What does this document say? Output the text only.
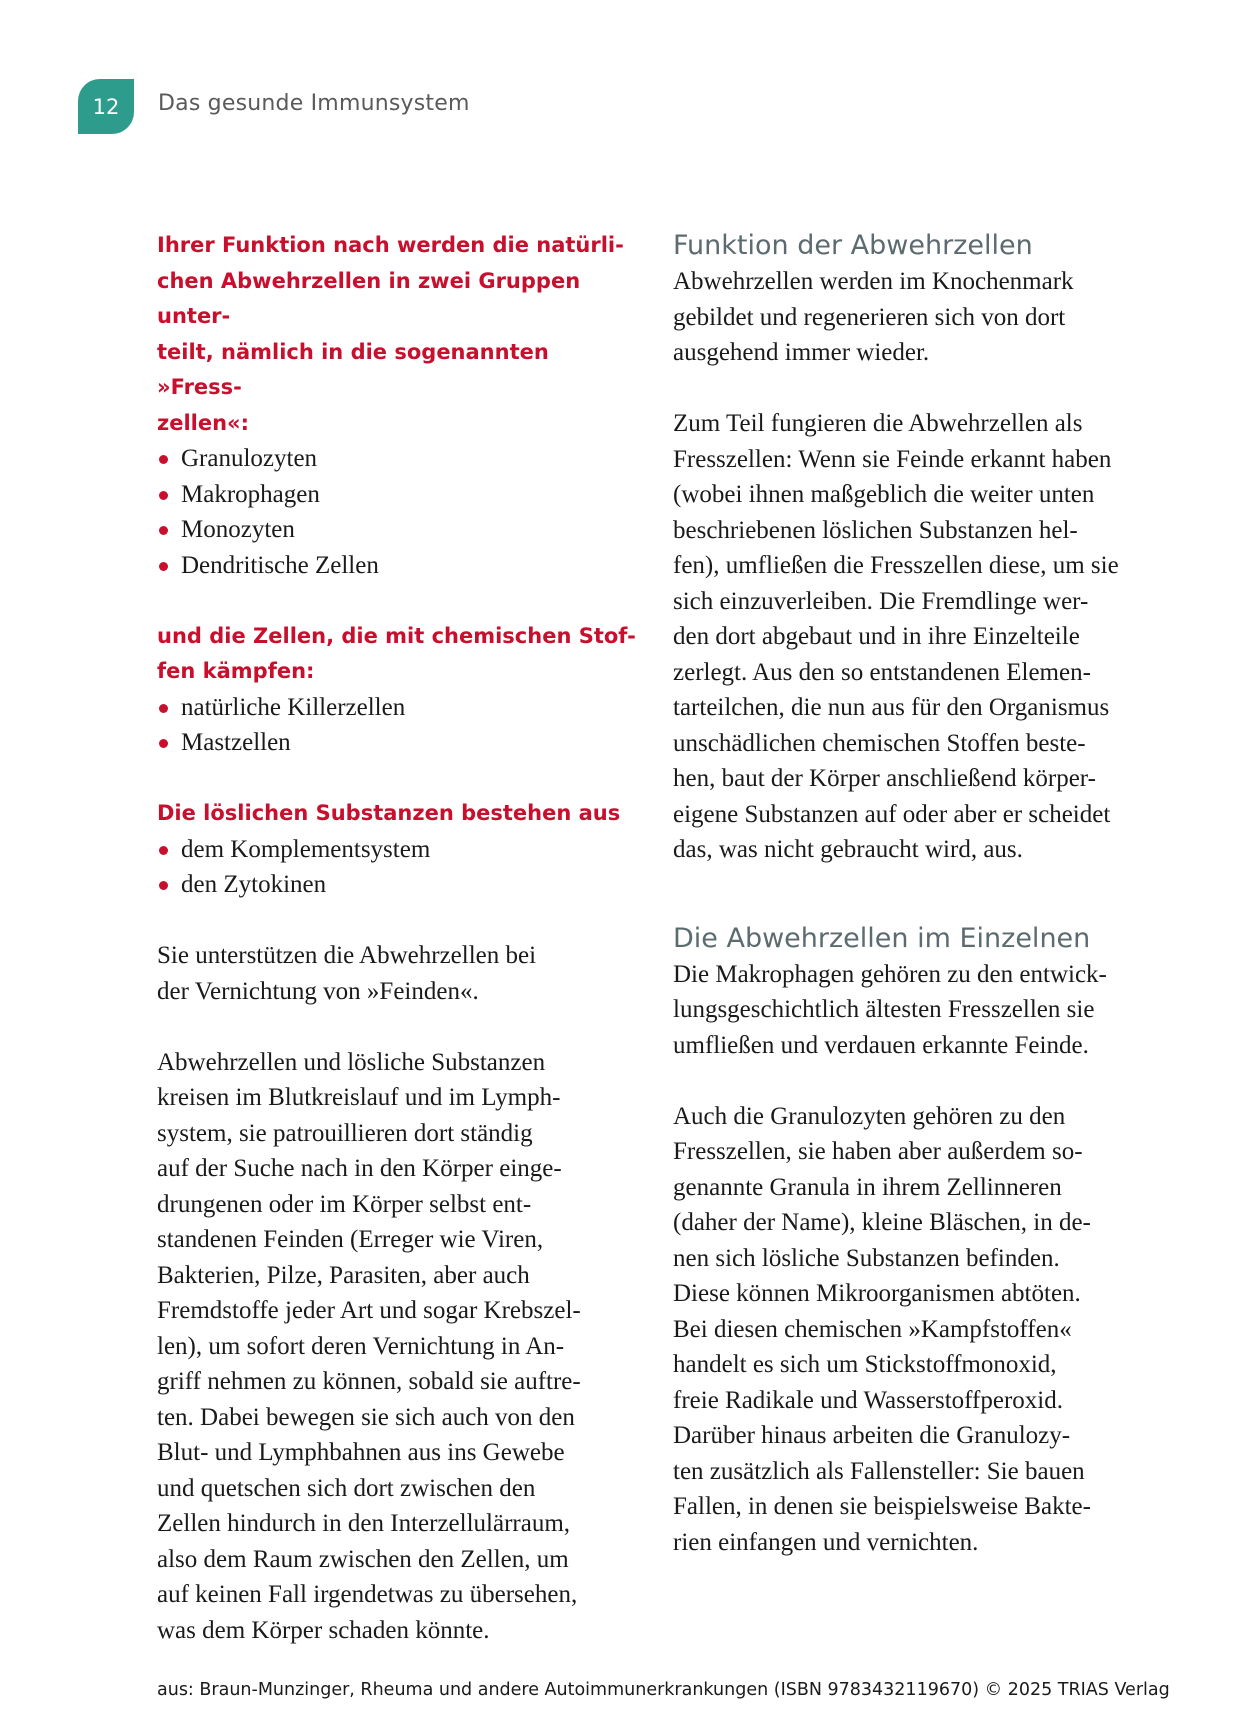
12 Das gesunde Immunsystem

Ihrer Funktion nach werden die natürli-
chen Abwehrzellen in zwei Gruppen unter-
teilt, nämlich in die sogenannten »Fress-
zellen«:

Granulozyten
Makrophagen
Monozyten
Dendritische Zellen

und die Zellen, die mit chemischen Stof-
fen kämpfen:

natürliche Killerzellen
Mastzellen

Die löslichen Substanzen bestehen aus

dem Komplementsystem
den Zytokinen

Sie unterstützen die Abwehrzellen bei
der Vernichtung von »Feinden«.

Abwehrzellen und lösliche Substanzen
kreisen im Blutkreislauf und im Lymph-
system, sie patrouillieren dort ständig
auf der Suche nach in den Körper einge-
drungenen oder im Körper selbst ent-
standenen Feinden (Erreger wie Viren,
Bakterien, Pilze, Parasiten, aber auch
Fremdstoffe jeder Art und sogar Krebszel-
len), um sofort deren Vernichtung in An-
griff nehmen zu können, sobald sie auftre-
ten. Dabei bewegen sie sich auch von den
Blut- und Lymphbahnen aus ins Gewebe
und quetschen sich dort zwischen den
Zellen hindurch in den Interzellulärraum,
also dem Raum zwischen den Zellen, um
auf keinen Fall irgendetwas zu übersehen,
was dem Körper schaden könnte.

Funktion der Abwehrzellen

Abwehrzellen werden im Knochenmark
gebildet und regenerieren sich von dort
ausgehend immer wieder.

Zum Teil fungieren die Abwehrzellen als
Fresszellen: Wenn sie Feinde erkannt haben
(wobei ihnen maßgeblich die weiter unten
beschriebenen löslichen Substanzen hel-
fen), umfließen die Fresszellen diese, um sie
sich einzuverleiben. Die Fremdlinge wer-
den dort abgebaut und in ihre Einzelteile
zerlegt. Aus den so entstandenen Elemen-
tarteilchen, die nun aus für den Organismus
unschädlichen chemischen Stoffen beste-
hen, baut der Körper anschließend körper-
eigene Substanzen auf oder aber er scheidet
das, was nicht gebraucht wird, aus.

Die Abwehrzellen im Einzelnen

Die Makrophagen gehören zu den entwick-
lungsgeschichtlich ältesten Fresszellen sie
umfließen und verdauen erkannte Feinde.

Auch die Granulozyten gehören zu den
Fresszellen, sie haben aber außerdem so-
genannte Granula in ihrem Zellinneren
(daher der Name), kleine Bläschen, in de-
nen sich lösliche Substanzen befinden.
Diese können Mikroorganismen abtöten.
Bei diesen chemischen »Kampfstoffen«
handelt es sich um Stickstoffmonoxid,
freie Radikale und Wasserstoffperoxid.
Darüber hinaus arbeiten die Granulozy-
ten zusätzlich als Fallensteller: Sie bauen
Fallen, in denen sie beispielsweise Bakte-
rien einfangen und vernichten.

aus: Braun-Munzinger, Rheuma und andere Autoimmunerkrankungen (ISBN 9783432119670) © 2025 TRIAS Verlag
